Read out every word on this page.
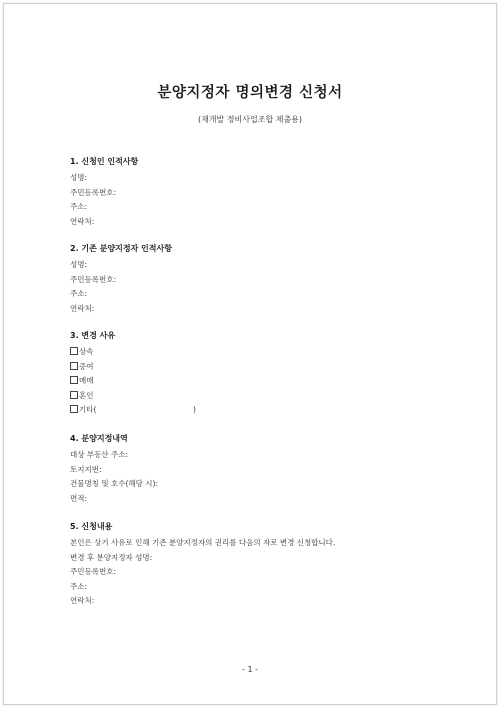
분양지정자 명의변경 신청서
(재개발 정비사업조합 제출용)
1. 신청인 인적사항
성명:
주민등록번호:
주소:
연락처:
2. 기존 분양지정자 인적사항
성명:
주민등록번호:
주소:
연락처:
3. 변경 사유
상속
증여
매매
혼인
기타(	)
4. 분양지정내역
대상 부동산 주소:
토지지번:
건물명칭 및 호수(해당 시):
면적:
5. 신청내용
본인은 상기 사유로 인해 기존 분양지정자의 권리를 다음의 자로 변경 신청합니다.
변경 후 분양지정자 성명:
주민등록번호:
주소:
연락처:
- 1 -
